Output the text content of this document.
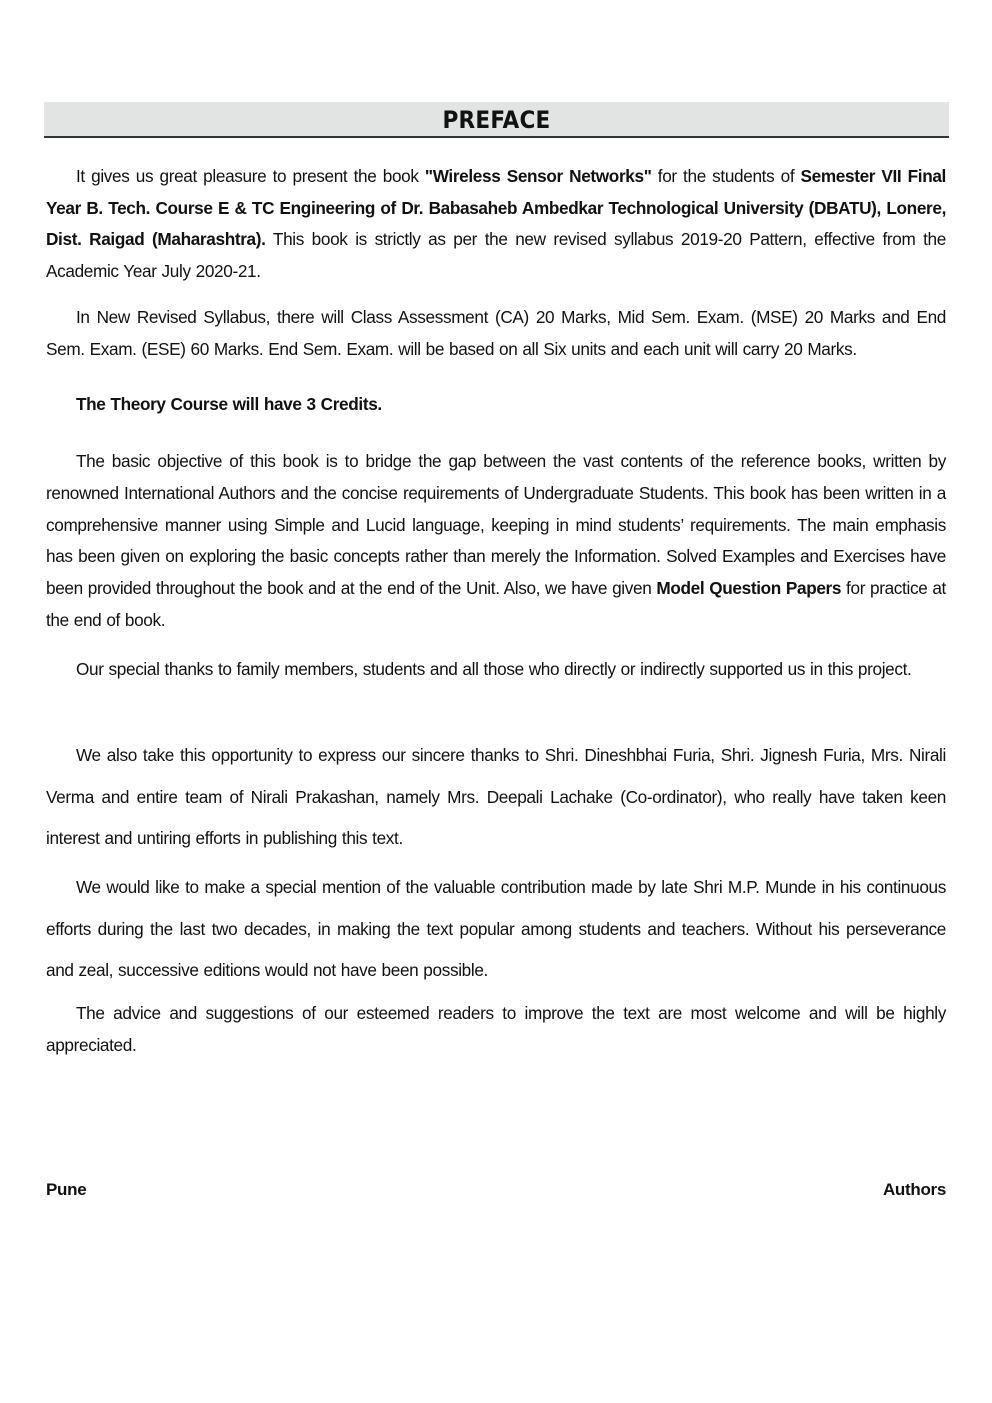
PREFACE

It gives us great pleasure to present the book "Wireless Sensor Networks" for the students of Semester VII Final Year B. Tech. Course E & TC Engineering of Dr. Babasaheb Ambedkar Technological University (DBATU), Lonere, Dist. Raigad (Maharashtra). This book is strictly as per the new revised syllabus 2019-20 Pattern, effective from the Academic Year July 2020-21.

In New Revised Syllabus, there will Class Assessment (CA) 20 Marks, Mid Sem. Exam. (MSE) 20 Marks and End Sem. Exam. (ESE) 60 Marks. End Sem. Exam. will be based on all Six units and each unit will carry 20 Marks.

The Theory Course will have 3 Credits.

The basic objective of this book is to bridge the gap between the vast contents of the reference books, written by renowned International Authors and the concise requirements of Undergraduate Students. This book has been written in a comprehensive manner using Simple and Lucid language, keeping in mind students’ requirements. The main emphasis has been given on exploring the basic concepts rather than merely the Information. Solved Examples and Exercises have been provided throughout the book and at the end of the Unit. Also, we have given Model Question Papers for practice at the end of book.

Our special thanks to family members, students and all those who directly or indirectly supported us in this project.

We also take this opportunity to express our sincere thanks to Shri. Dineshbhai Furia, Shri. Jignesh Furia, Mrs. Nirali Verma and entire team of Nirali Prakashan, namely Mrs. Deepali Lachake (Co-ordinator), who really have taken keen interest and untiring efforts in publishing this text.

We would like to make a special mention of the valuable contribution made by late Shri M.P. Munde in his continuous efforts during the last two decades, in making the text popular among students and teachers. Without his perseverance and zeal, successive editions would not have been possible.

The advice and suggestions of our esteemed readers to improve the text are most welcome and will be highly appreciated.

Pune	Authors
